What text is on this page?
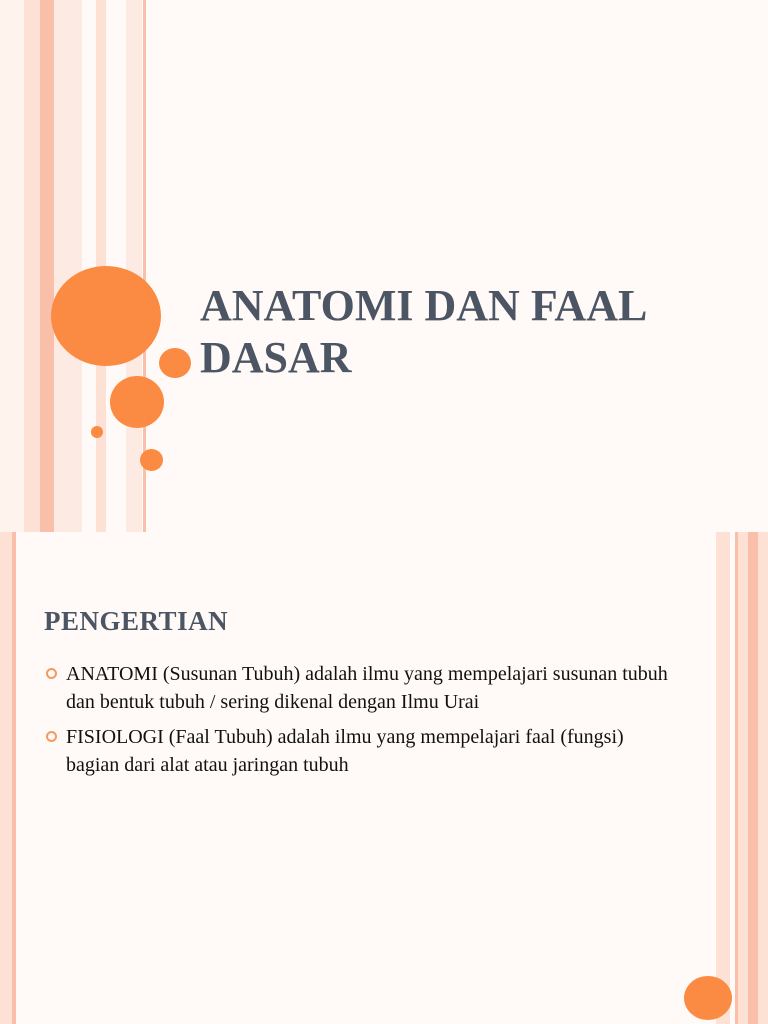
ANATOMI DAN FAAL DASAR
PENGERTIAN
ANATOMI (Susunan Tubuh) adalah ilmu yang mempelajari susunan tubuh dan bentuk tubuh / sering dikenal dengan Ilmu Urai
FISIOLOGI (Faal Tubuh) adalah ilmu yang mempelajari faal (fungsi) bagian dari alat atau jaringan tubuh
